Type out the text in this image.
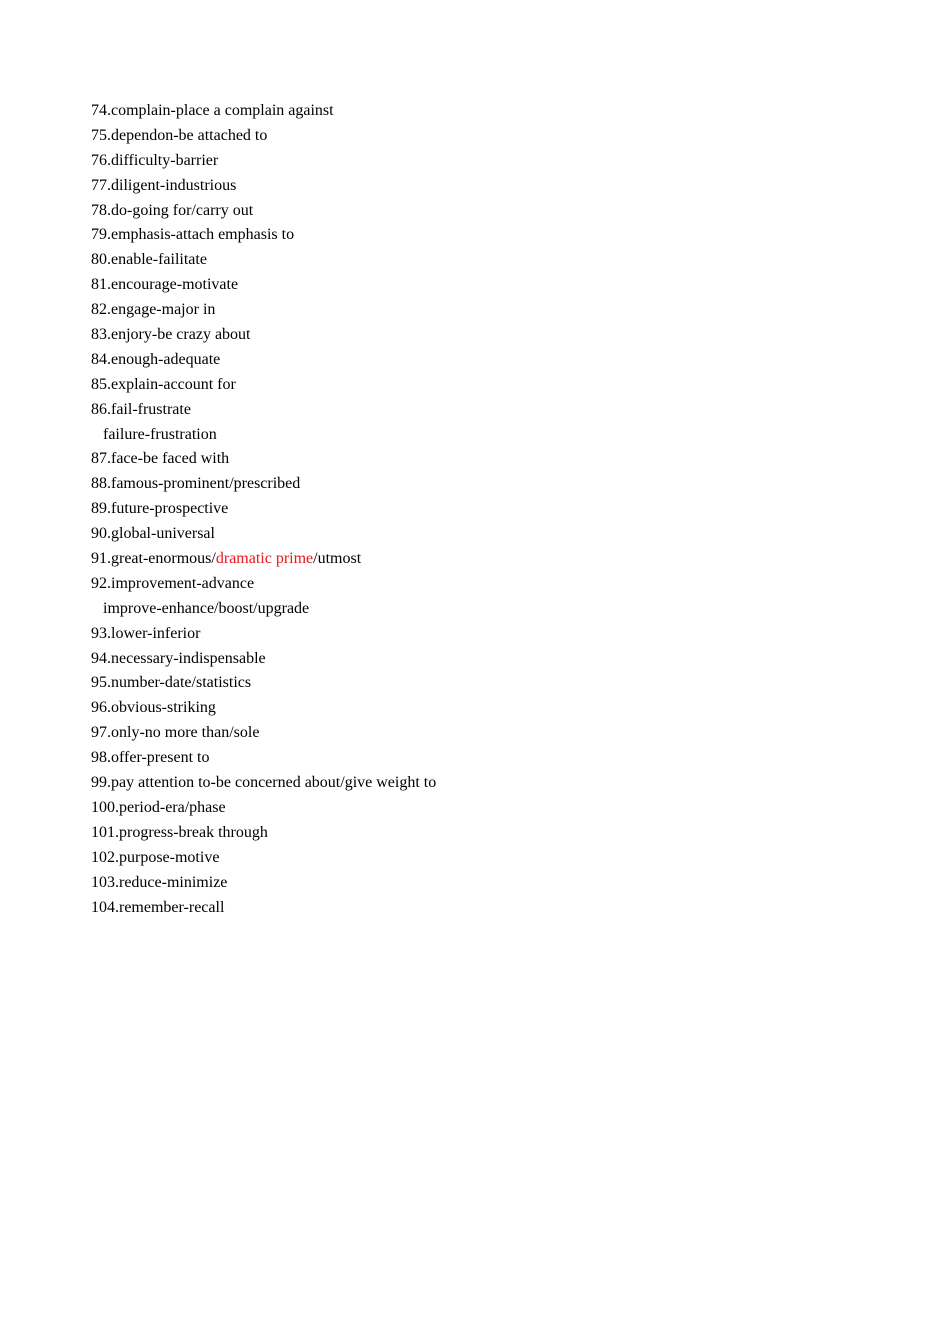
74.complain-place a complain against
75.dependon-be attached to
76.difficulty-barrier
77.diligent-industrious
78.do-going for/carry out
79.emphasis-attach emphasis to
80.enable-failitate
81.encourage-motivate
82.engage-major in
83.enjory-be crazy about
84.enough-adequate
85.explain-account for
86.fail-frustrate
failure-frustration
87.face-be faced with
88.famous-prominent/prescribed
89.future-prospective
90.global-universal
91.great-enormous/dramatic prime/utmost
92.improvement-advance
improve-enhance/boost/upgrade
93.lower-inferior
94.necessary-indispensable
95.number-date/statistics
96.obvious-striking
97.only-no more than/sole
98.offer-present to
99.pay attention to-be concerned about/give weight to
100.period-era/phase
101.progress-break through
102.purpose-motive
103.reduce-minimize
104.remember-recall
